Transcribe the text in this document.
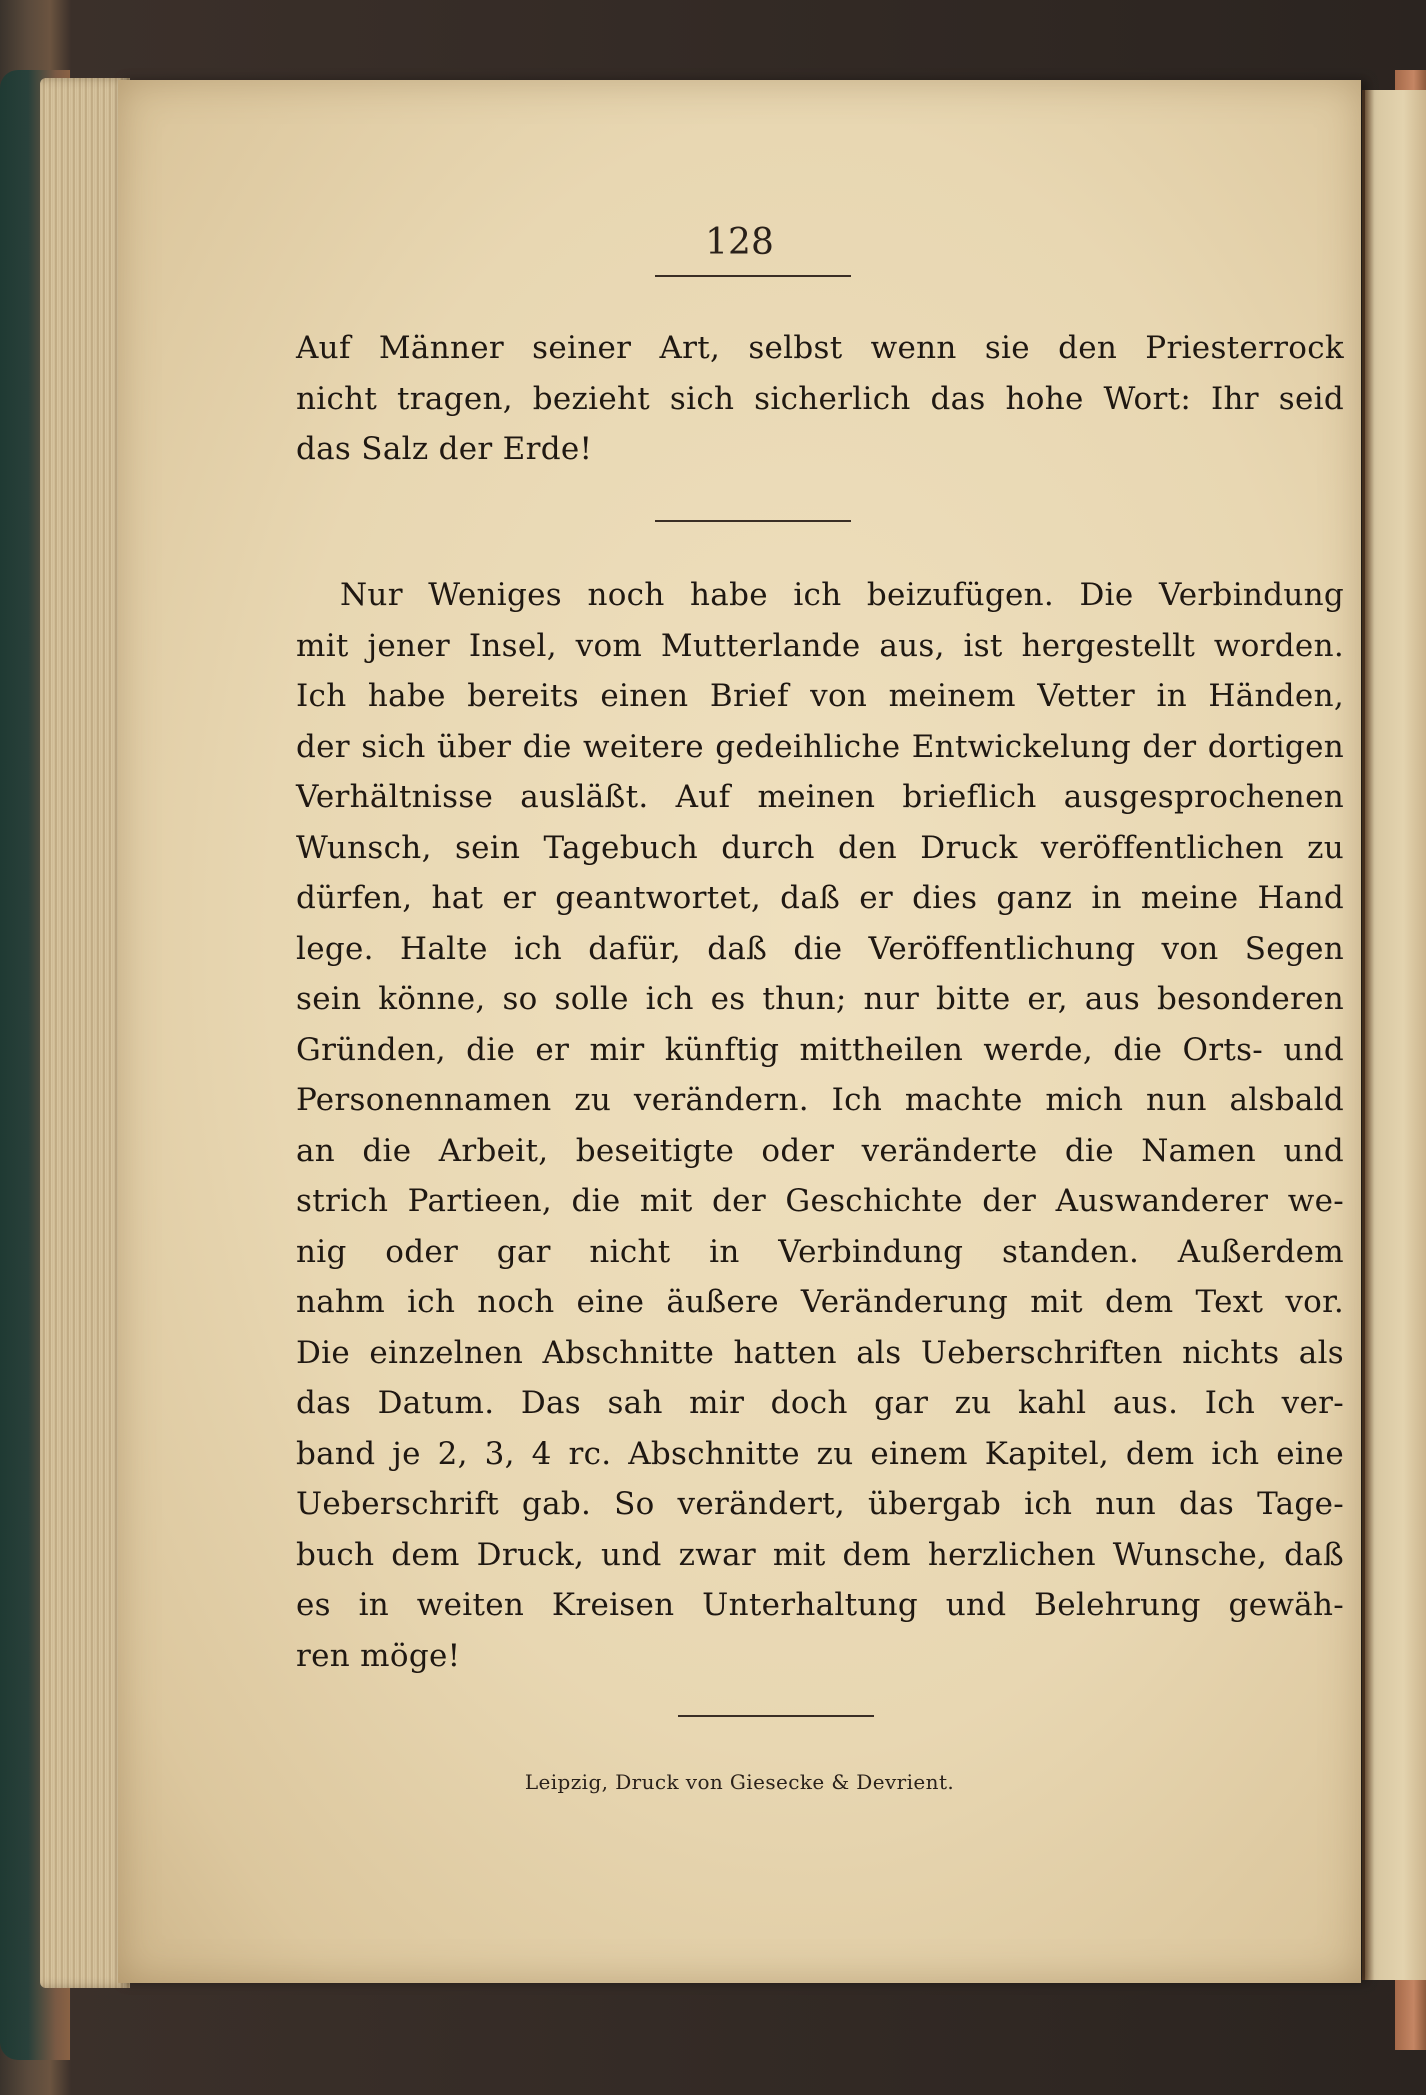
128
Auf Männer seiner Art, selbst wenn sie den Priesterrock
nicht tragen, bezieht sich sicherlich das hohe Wort: Ihr seid
das Salz der Erde!
Nur Weniges noch habe ich beizufügen. Die Verbindung
mit jener Insel, vom Mutterlande aus, ist hergestellt worden.
Ich habe bereits einen Brief von meinem Vetter in Händen,
der sich über die weitere gedeihliche Entwickelung der dortigen
Verhältnisse ausläßt. Auf meinen brieflich ausgesprochenen
Wunsch, sein Tagebuch durch den Druck veröffentlichen zu
dürfen, hat er geantwortet, daß er dies ganz in meine Hand
lege. Halte ich dafür, daß die Veröffentlichung von Segen
sein könne, so solle ich es thun; nur bitte er, aus besonderen
Gründen, die er mir künftig mittheilen werde, die Orts- und
Personennamen zu verändern. Ich machte mich nun alsbald
an die Arbeit, beseitigte oder veränderte die Namen und
strich Partieen, die mit der Geschichte der Auswanderer we-
nig oder gar nicht in Verbindung standen. Außerdem
nahm ich noch eine äußere Veränderung mit dem Text vor.
Die einzelnen Abschnitte hatten als Ueberschriften nichts als
das Datum. Das sah mir doch gar zu kahl aus. Ich ver-
band je 2, 3, 4 rc. Abschnitte zu einem Kapitel, dem ich eine
Ueberschrift gab. So verändert, übergab ich nun das Tage-
buch dem Druck, und zwar mit dem herzlichen Wunsche, daß
es in weiten Kreisen Unterhaltung und Belehrung gewäh-
ren möge!
Leipzig, Druck von Giesecke & Devrient.
